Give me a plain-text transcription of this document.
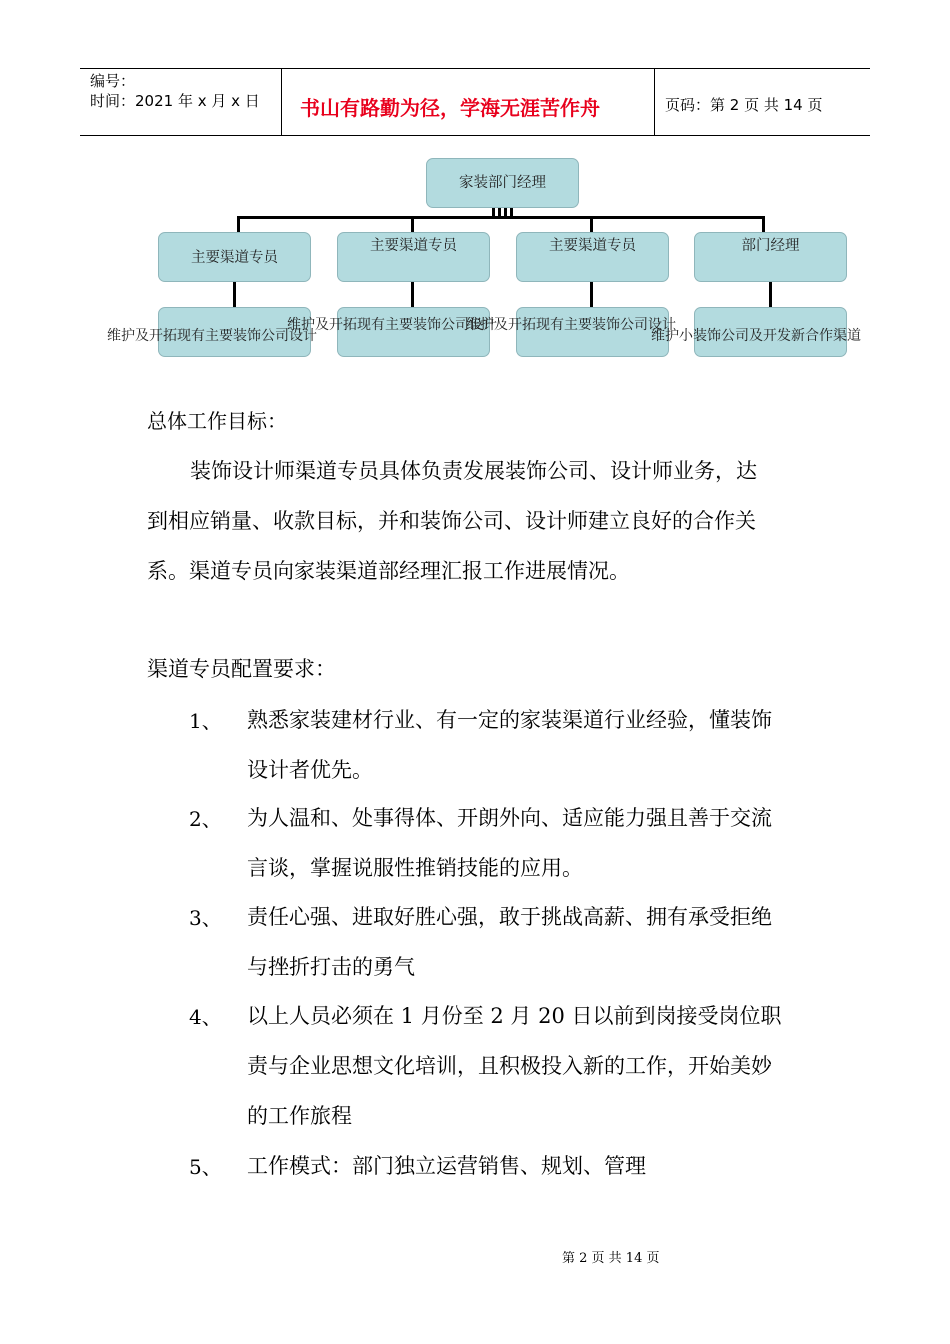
编号：
时间：2021 年 x 月 x 日 书山有路勤为径，学海无涯苦作舟	页码：第 2 页 共 14 页
家装部门经理
主要渠道专员
主要渠道专员	主要渠道专员	部门经理
维护及开拓现有主要装饰公司设计
维护及开拓现有主要装饰公司设计
维护及开拓现有主要装饰公司设计
维护小装饰公司及开发新合作渠道
总体工作目标：
装饰设计师渠道专员具体负责发展装饰公司、设计师业务，达
到相应销量、收款目标，并和装饰公司、设计师建立良好的合作关
系。渠道专员向家装渠道部经理汇报工作进展情况。
渠道专员配置要求：
1、 熟悉家装建材行业、有一定的家装渠道行业经验，懂装饰
设计者优先。
2、 为人温和、处事得体、开朗外向、适应能力强且善于交流
言谈，掌握说服性推销技能的应用。
3、 责任心强、进取好胜心强，敢于挑战高薪、拥有承受拒绝
与挫折打击的勇气
4、 以上人员必须在 1 月份至 2 月 20 日以前到岗接受岗位职
责与企业思想文化培训，且积极投入新的工作，开始美妙
的工作旅程
5、 工作模式：部门独立运营销售、规划、管理
第 2 页 共 14 页
